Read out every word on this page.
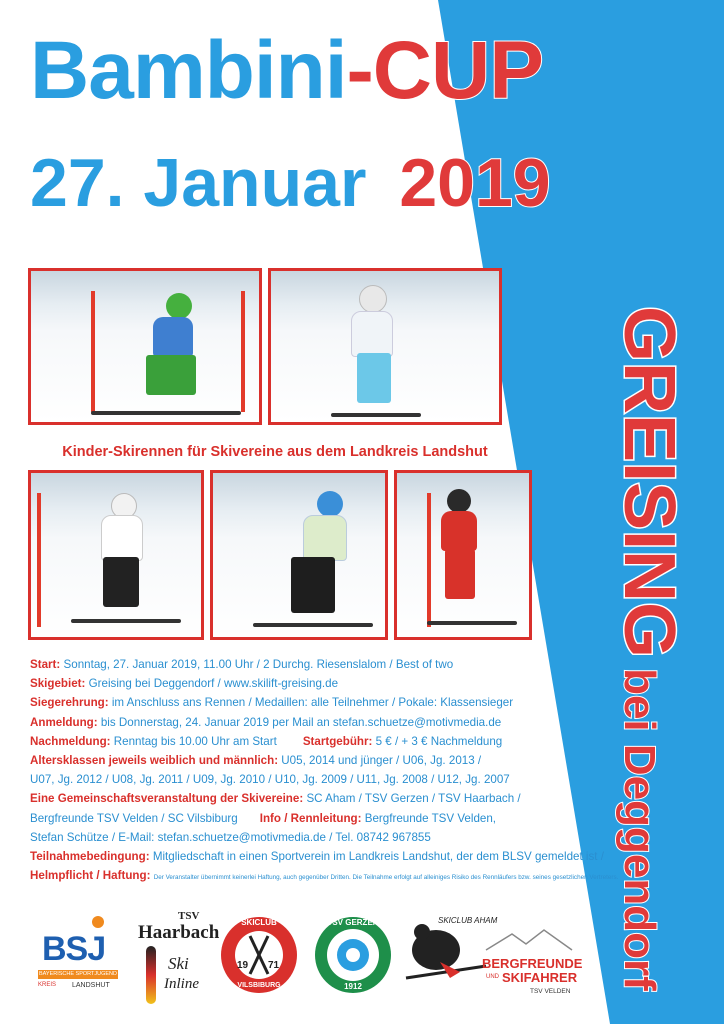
Bambini-CUP
27. Januar 2019
GREISINGbei Deggendorf
Kinder-Skirennen für Skivereine aus dem Landkreis Landshut
Start: Sonntag, 27. Januar 2019, 11.00 Uhr / 2 Durchg. Riesenslalom / Best of two
Skigebiet: Greising bei Deggendorf / www.skilift-greising.de
Siegerehrung: im Anschluss ans Rennen / Medaillen: alle Teilnehmer / Pokale: Klassensieger
Anmeldung: bis Donnerstag, 24. Januar 2019 per Mail an stefan.schuetze@motivmedia.de
Nachmeldung: Renntag bis 10.00 Uhr am Start Startgebühr: 5 € / + 3 € Nachmeldung
Altersklassen jeweils weiblich und männlich: U05, 2014 und jünger / U06, Jg. 2013 /
U07, Jg. 2012 / U08, Jg. 2011 / U09, Jg. 2010 / U10, Jg. 2009 / U11, Jg. 2008 / U12, Jg. 2007
Eine Gemeinschaftsveranstaltung der Skivereine: SC Aham / TSV Gerzen / TSV Haarbach /
Bergfreunde TSV Velden / SC Vilsbiburg Info / Rennleitung: Bergfreunde TSV Velden,
Stefan Schütze / E-Mail: stefan.schuetze@motivmedia.de / Tel. 08742 967855
Teilnahmebedingung: Mitgliedschaft in einen Sportverein im Landkreis Landshut, der dem BLSV gemeldet ist /
Helmpflicht / Haftung: Der Veranstalter übernimmt keinerlei Haftung, auch gegenüber Dritten. Die Teilnahme erfolgt auf alleiniges Risiko des Rennläufers bzw. seines gesetzlichen Vertreters.
BSJ
BAYERISCHE SPORTJUGEND
KREIS LANDSHUT
TSV
Haarbach
Ski
Inline
SKICLUB
VILSBIBURG
19 71
TSV GERZEN
1912
SKICLUB AHAM
BERGFREUNDE
UND SKIFAHRER
TSV VELDEN
